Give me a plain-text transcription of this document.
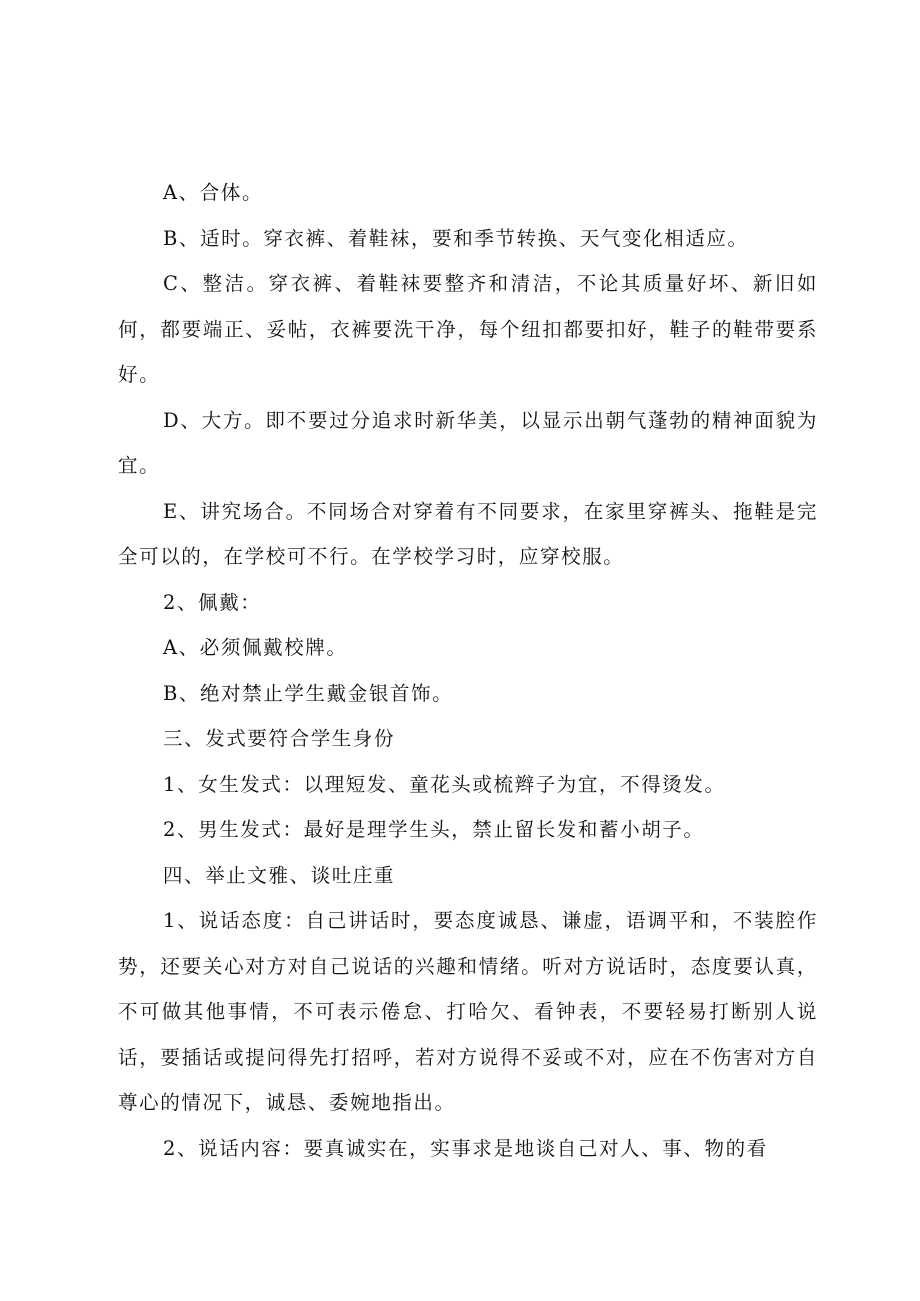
A、合体。

B、适时。穿衣裤、着鞋袜，要和季节转换、天气变化相适应。

C、整洁。穿衣裤、着鞋袜要整齐和清洁，不论其质量好坏、新旧如何，都要端正、妥帖，衣裤要洗干净，每个纽扣都要扣好，鞋子的鞋带要系好。

D、大方。即不要过分追求时新华美，以显示出朝气蓬勃的精神面貌为宜。

E、讲究场合。不同场合对穿着有不同要求，在家里穿裤头、拖鞋是完全可以的，在学校可不行。在学校学习时，应穿校服。

2、佩戴：

A、必须佩戴校牌。

B、绝对禁止学生戴金银首饰。

三、发式要符合学生身份

1、女生发式：以理短发、童花头或梳辫子为宜，不得烫发。

2、男生发式：最好是理学生头，禁止留长发和蓄小胡子。

四、举止文雅、谈吐庄重

1、说话态度：自己讲话时，要态度诚恳、谦虚，语调平和，不装腔作势，还要关心对方对自己说话的兴趣和情绪。听对方说话时，态度要认真，不可做其他事情，不可表示倦怠、打哈欠、看钟表，不要轻易打断别人说话，要插话或提问得先打招呼，若对方说得不妥或不对，应在不伤害对方自尊心的情况下，诚恳、委婉地指出。

2、说话内容：要真诚实在，实事求是地谈自己对人、事、物的看
